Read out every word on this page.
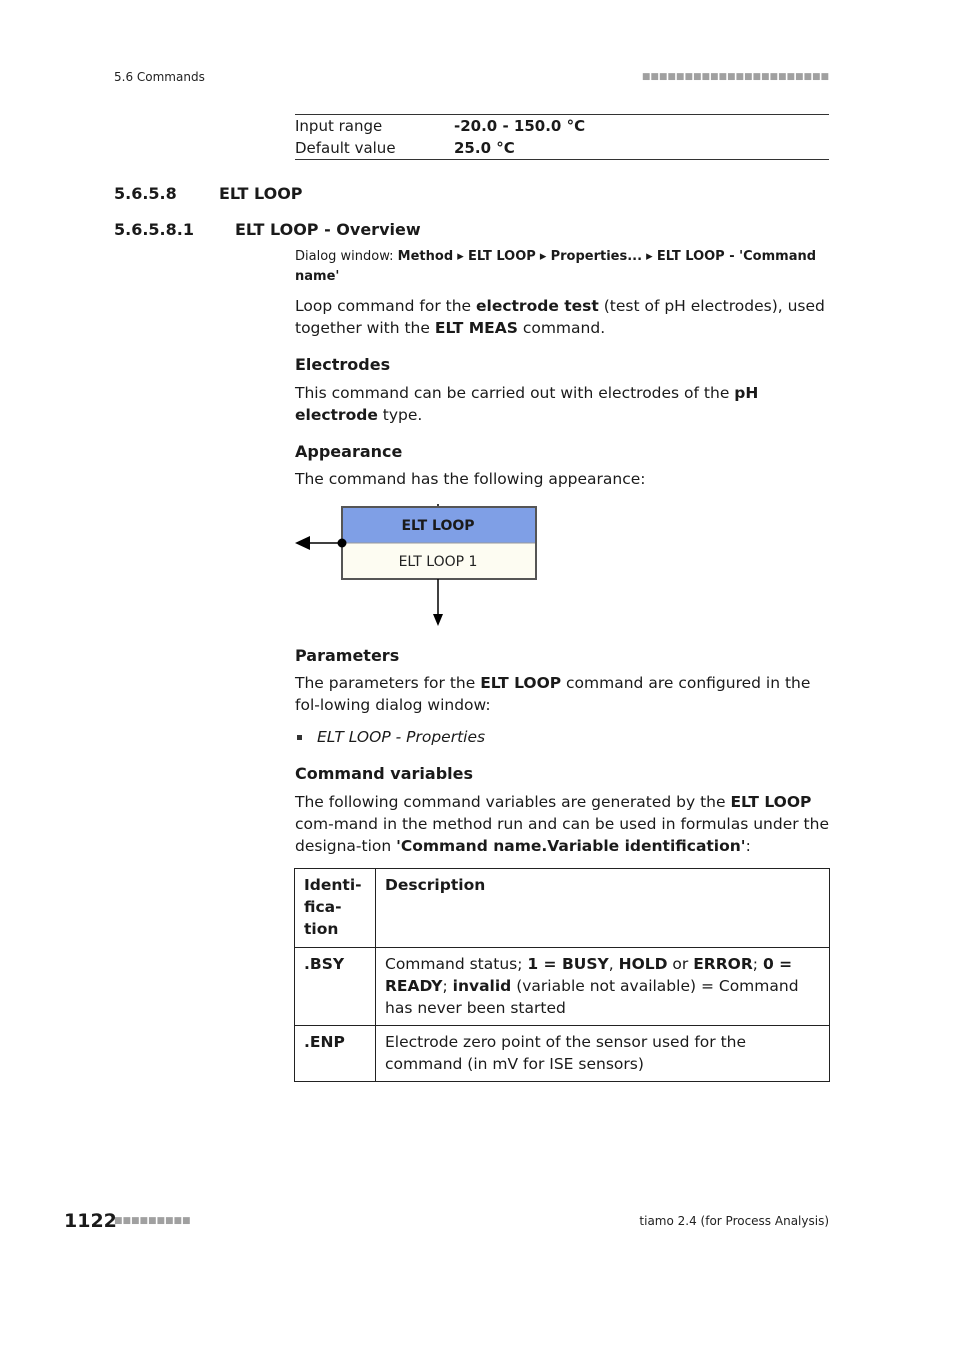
5.6 Commands	■■■■■■■■■■■■■■■■■■■■■■
Input range	-20.0 - 150.0 °C
Default value	25.0 °C
5.6.5.8	ELT LOOP
5.6.5.8.1	ELT LOOP - Overview
Dialog window: Method ▸ ELT LOOP ▸ Properties... ▸ ELT LOOP - 'Command name'
Loop command for the electrode test (test of pH electrodes), used together with the ELT MEAS command.
Electrodes
This command can be carried out with electrodes of the pH electrode type.
Appearance
The command has the following appearance:
ELT LOOP
ELT LOOP 1
Parameters
The parameters for the ELT LOOP command are configured in the fol-lowing dialog window:
ELT LOOP - Properties
Command variables
The following command variables are generated by the ELT LOOP com-mand in the method run and can be used in formulas under the designa-tion 'Command name.Variable identification':
Identi-fica-tion	Description
.BSY	Command status; 1 = BUSY, HOLD or ERROR; 0 = READY; invalid (variable not available) = Command has never been started
.ENP	Electrode zero point of the sensor used for the command (in mV for ISE sensors)
1122
■■■■■■■■■	tiamo 2.4 (for Process Analysis)
